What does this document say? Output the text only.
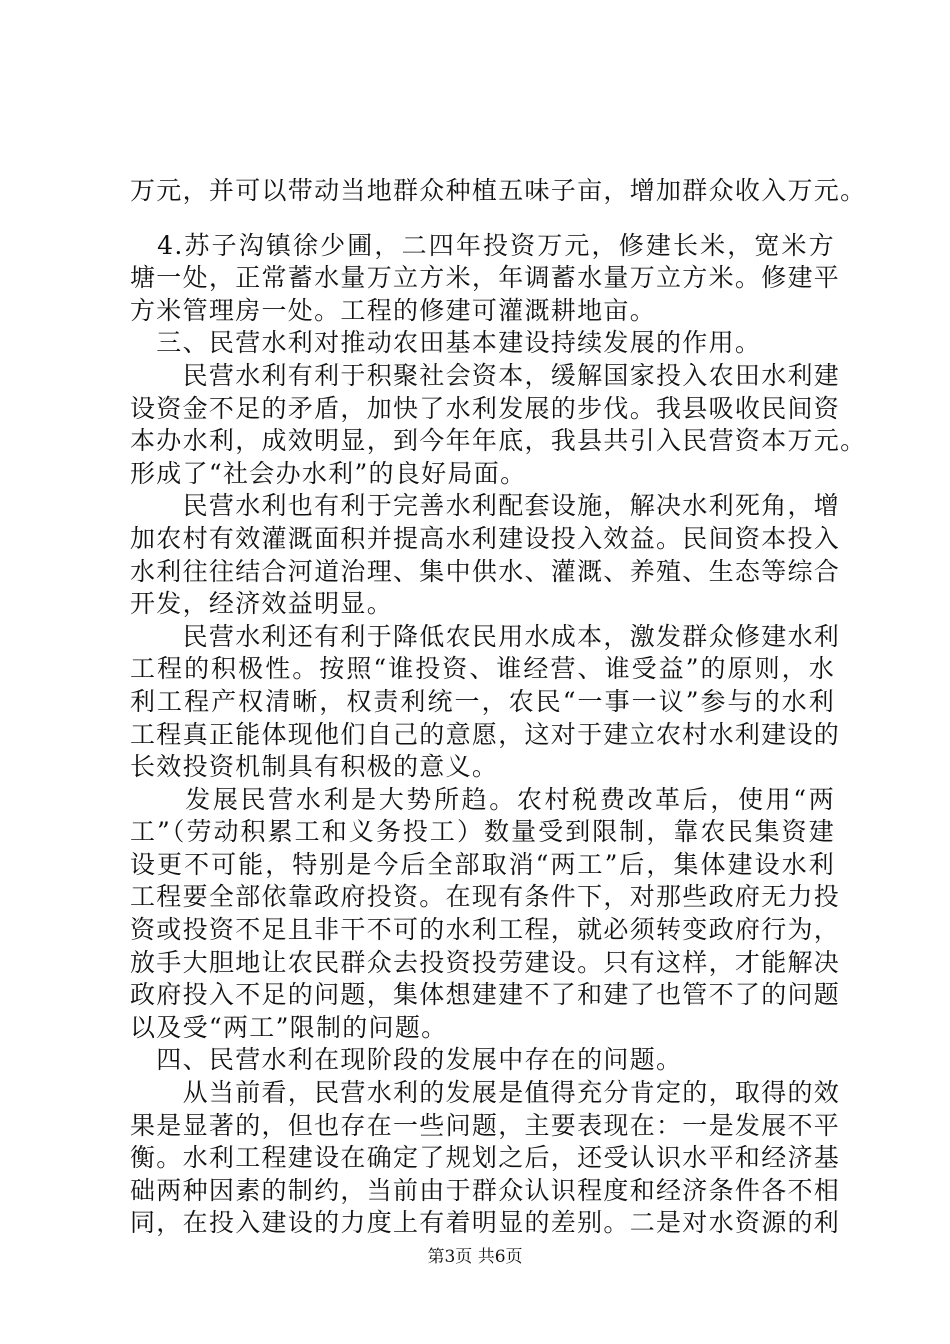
万元，并可以带动当地群众种植五味子亩，增加群众收入万元。
　4.苏子沟镇徐少圃，二四年投资万元，修建长米，宽米方
塘一处，正常蓄水量万立方米，年调蓄水量万立方米。修建平
方米管理房一处。工程的修建可灌溉耕地亩。
　三、民营水利对推动农田基本建设持续发展的作用。
　　民营水利有利于积聚社会资本，缓解国家投入农田水利建
设资金不足的矛盾，加快了水利发展的步伐。我县吸收民间资
本办水利，成效明显，到今年年底，我县共引入民营资本万元。
形成了“社会办水利”的良好局面。
　　民营水利也有利于完善水利配套设施，解决水利死角，增
加农村有效灌溉面积并提高水利建设投入效益。民间资本投入
水利往往结合河道治理、集中供水、灌溉、养殖、生态等综合
开发，经济效益明显。
　　民营水利还有利于降低农民用水成本，激发群众修建水利
工程的积极性。按照“谁投资、谁经营、谁受益”的原则，水
利工程产权清晰，权责利统一，农民“一事一议”参与的水利
工程真正能体现他们自己的意愿，这对于建立农村水利建设的
长效投资机制具有积极的意义。
　　发展民营水利是大势所趋。农村税费改革后，使用“两
工”（劳动积累工和义务投工）数量受到限制，靠农民集资建
设更不可能，特别是今后全部取消“两工”后，集体建设水利
工程要全部依靠政府投资。在现有条件下，对那些政府无力投
资或投资不足且非干不可的水利工程，就必须转变政府行为，
放手大胆地让农民群众去投资投劳建设。只有这样，才能解决
政府投入不足的问题，集体想建建不了和建了也管不了的问题
以及受“两工”限制的问题。
　四、民营水利在现阶段的发展中存在的问题。
　　从当前看，民营水利的发展是值得充分肯定的，取得的效
果是显著的，但也存在一些问题，主要表现在：一是发展不平
衡。水利工程建设在确定了规划之后，还受认识水平和经济基
础两种因素的制约，当前由于群众认识程度和经济条件各不相
同，在投入建设的力度上有着明显的差别。二是对水资源的利
第3页 共6页
